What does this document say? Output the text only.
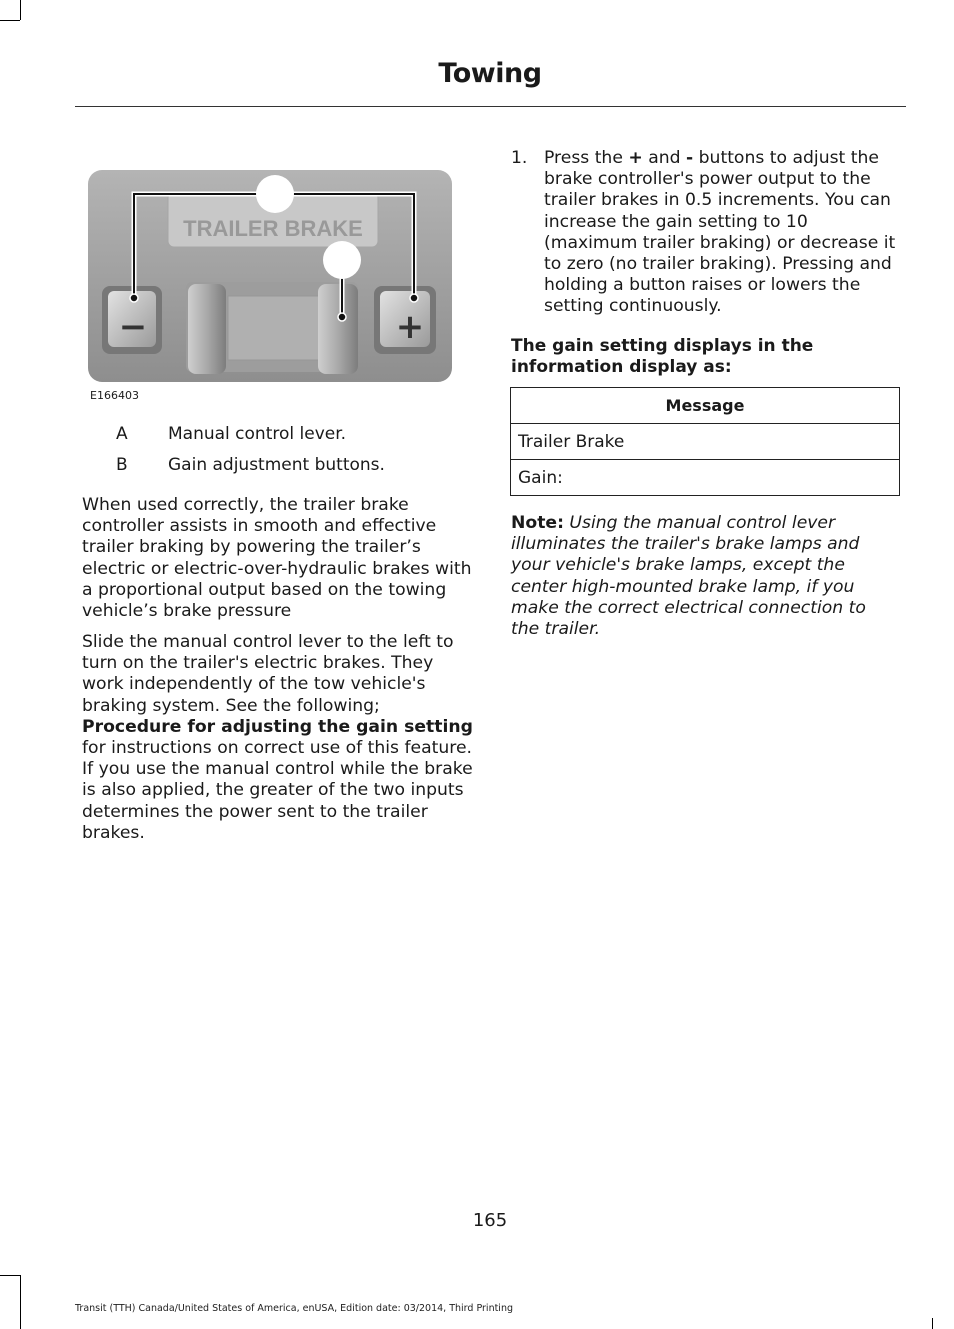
Towing
TRAILER BRAKE
−	+
E166403
A Manual control lever.
B Gain adjustment buttons.

When used correctly, the trailer brake controller assists in smooth and effective trailer braking by powering the trailer’s electric or electric-over-hydraulic brakes with a proportional output based on the towing vehicle’s brake pressure

Slide the manual control lever to the left to turn on the trailer's electric brakes. They work independently of the tow vehicle's braking system. See the following; Procedure for adjusting the gain setting for instructions on correct use of this feature. If you use the manual control while the brake is also applied, the greater of the two inputs determines the power sent to the trailer brakes.

1. Press the + and - buttons to adjust the brake controller's power output to the trailer brakes in 0.5 increments. You can increase the gain setting to 10 (maximum trailer braking) or decrease it to zero (no trailer braking). Pressing and holding a button raises or lowers the setting continuously.

The gain setting displays in the information display as:

Message
Trailer Brake
Gain:

Note: Using the manual control lever illuminates the trailer's brake lamps and your vehicle's brake lamps, except the center high-mounted brake lamp, if you make the correct electrical connection to the trailer.

165
Transit (TTH) Canada/United States of America, enUSA, Edition date: 03/2014, Third Printing
